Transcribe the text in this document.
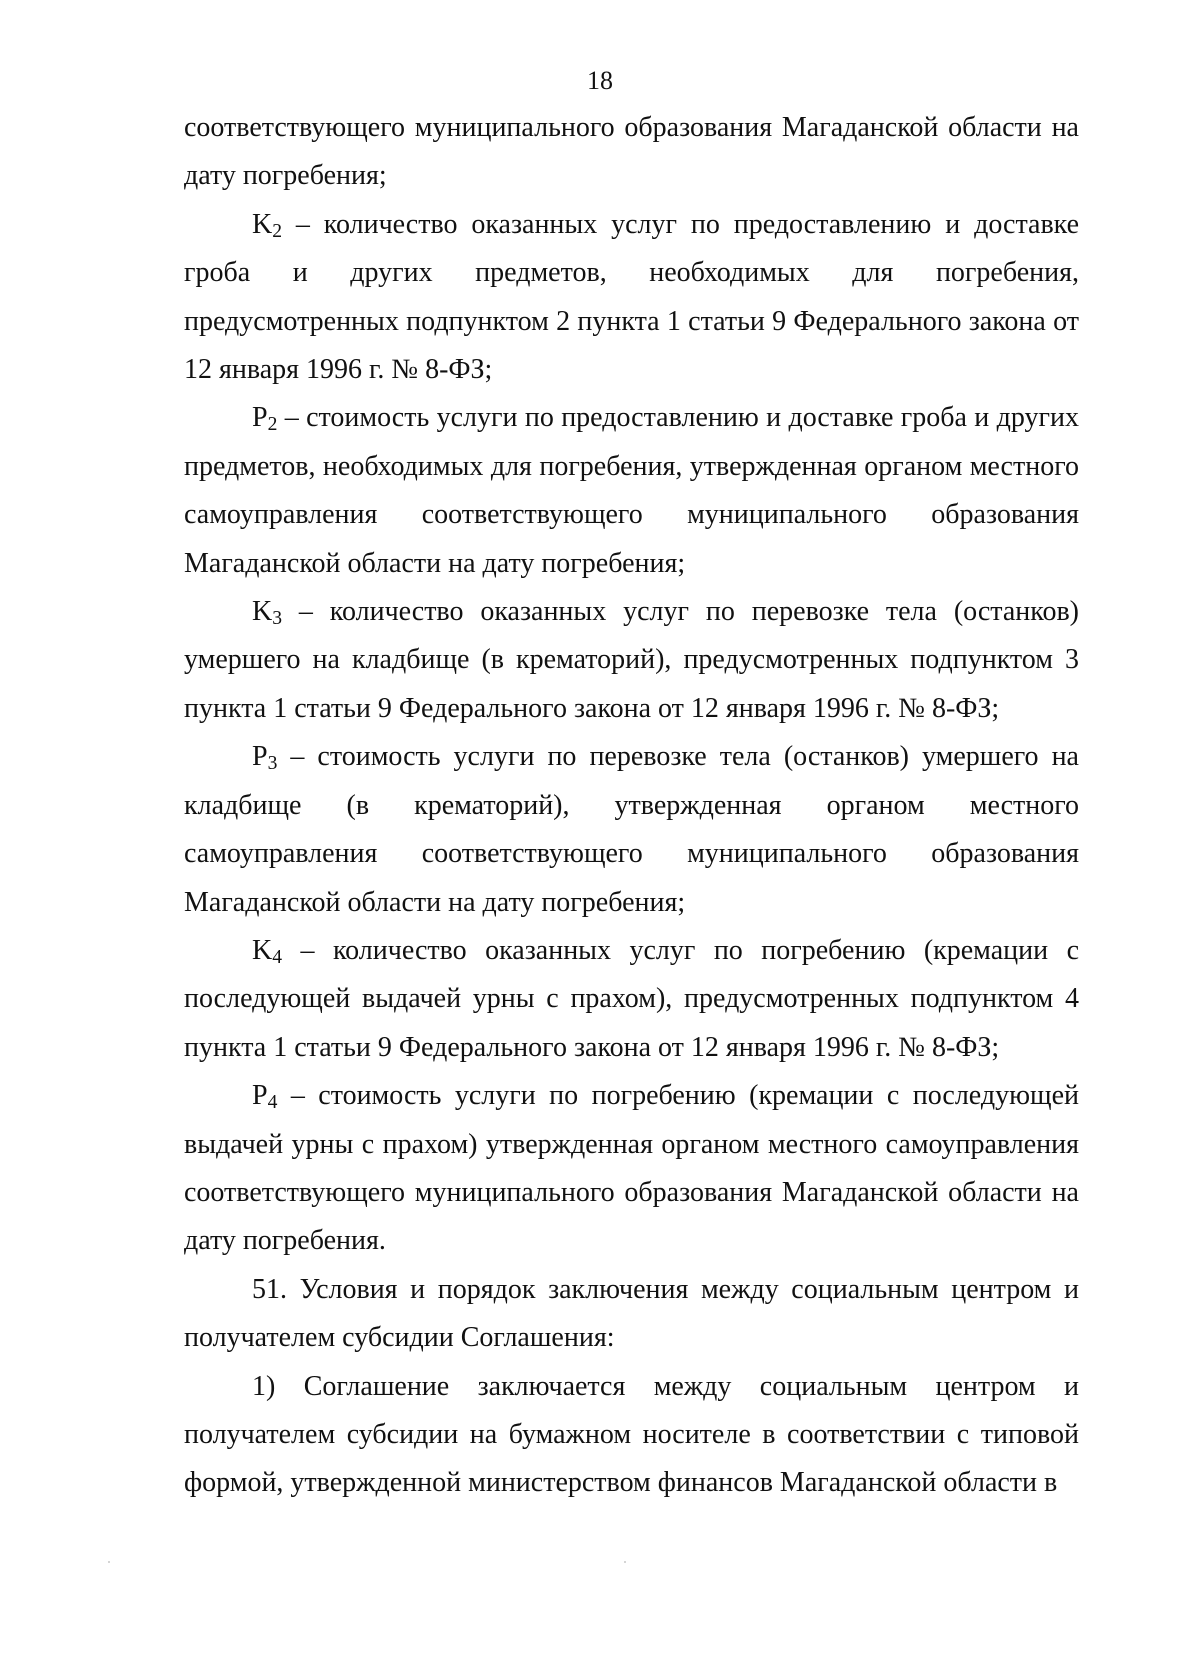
18

соответствующего муниципального образования Магаданской области на дату погребения;

$K_2$ – количество оказанных услуг по предоставлению и доставке гроба и других предметов, необходимых для погребения, предусмотренных подпунктом 2 пункта 1 статьи 9 Федерального закона от 12 января 1996 г. № 8-ФЗ;

$P_2$ – стоимость услуги по предоставлению и доставке гроба и других предметов, необходимых для погребения, утвержденная органом местного самоуправления соответствующего муниципального образования Магаданской области на дату погребения;

$K_3$ – количество оказанных услуг по перевозке тела (останков) умершего на кладбище (в крематорий), предусмотренных подпунктом 3 пункта 1 статьи 9 Федерального закона от 12 января 1996 г. № 8-ФЗ;

$P_3$ – стоимость услуги по перевозке тела (останков) умершего на кладбище (в крематорий), утвержденная органом местного самоуправления соответствующего муниципального образования Магаданской области на дату погребения;

$K_4$ – количество оказанных услуг по погребению (кремации с последующей выдачей урны с прахом), предусмотренных подпунктом 4 пункта 1 статьи 9 Федерального закона от 12 января 1996 г. № 8-ФЗ;

$P_4$ – стоимость услуги по погребению (кремации с последующей выдачей урны с прахом) утвержденная органом местного самоуправления соответствующего муниципального образования Магаданской области на дату погребения.

51. Условия и порядок заключения между социальным центром и получателем субсидии Соглашения:

1) Соглашение заключается между социальным центром и получателем субсидии на бумажном носителе в соответствии с типовой формой, утвержденной министерством финансов Магаданской области в
